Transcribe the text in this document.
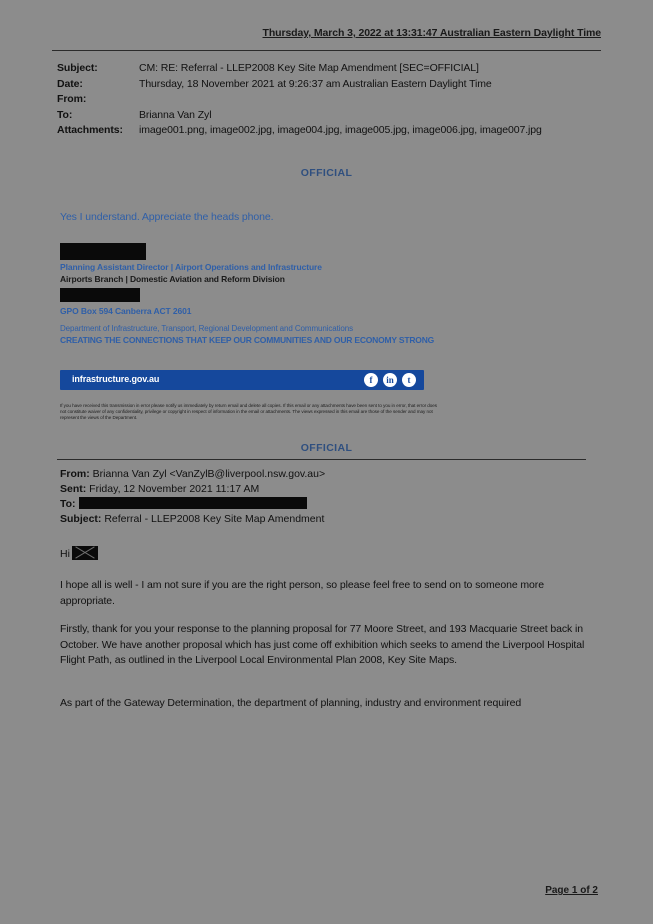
Thursday, March 3, 2022 at 13:31:47 Australian Eastern Daylight Time
Subject:	CM: RE: Referral - LLEP2008 Key Site Map Amendment [SEC=OFFICIAL]
Date:	Thursday, 18 November 2021 at 9:26:37 am Australian Eastern Daylight Time
From:
To:	Brianna Van Zyl
Attachments:	image001.png, image002.jpg, image004.jpg, image005.jpg, image006.jpg, image007.jpg
OFFICIAL
Yes I understand. Appreciate the heads phone.
Planning Assistant Director | Airport Operations and Infrastructure
Airports Branch | Domestic Aviation and Reform Division
GPO Box 594 Canberra ACT 2601
Department of Infrastructure, Transport, Regional Development and Communications
CREATING THE CONNECTIONS THAT KEEP OUR COMMUNITIES AND OUR ECONOMY STRONG
infrastructure.gov.au	f	in	t
If you have received this transmission in error please notify us immediately by return email and delete all copies. If this email or any attachments have been sent to you in error, that error does not constitute waiver of any confidentiality, privilege or copyright in respect of information in the email or attachments. The views expressed in this email are those of the sender and may not represent the views of the Department.
OFFICIAL
From: Brianna Van Zyl <VanZylB@liverpool.nsw.gov.au>
Sent: Friday, 12 November 2021 11:17 AM
To:
Subject: Referral - LLEP2008 Key Site Map Amendment
Hi
I hope all is well - I am not sure if you are the right person, so please feel free to send on to someone more appropriate.
Firstly, thank for you your response to the planning proposal for 77 Moore Street, and 193 Macquarie Street back in October. We have another proposal which has just come off exhibition which seeks to amend the Liverpool Hospital Flight Path, as outlined in the Liverpool Local Environmental Plan 2008, Key Site Maps.
As part of the Gateway Determination, the department of planning, industry and environment required
Page 1 of 2
